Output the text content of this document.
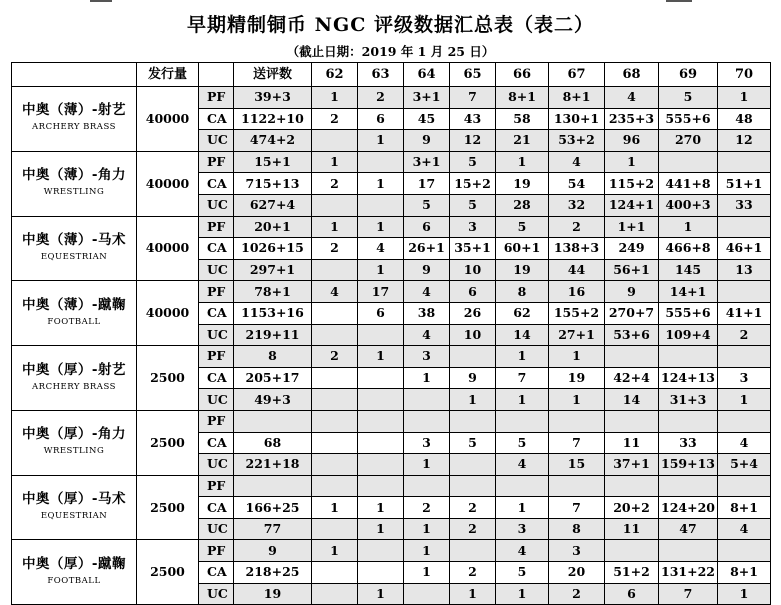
早期精制铜币 NGC 评级数据汇总表（表二）
（截止日期：2019 年 1 月 25 日）
	发行量		送评数	62	63	64	65	66	67	68	69	70

中奥（薄）-射艺
ARCHERY BRASS	40000	PF	39+3	1	2	3+1	7	8+1	8+1	4	5	1
		CA	1122+10	2	6	45	43	58	130+1	235+3	555+6	48
		UC	474+2		1	9	12	21	53+2	96	270	12

中奥（薄）-角力
WRESTLING	40000	PF	15+1	1		3+1	5	1	4	1		
		CA	715+13	2	1	17	15+2	19	54	115+2	441+8	51+1
		UC	627+4			5	5	28	32	124+1	400+3	33

中奥（薄）-马术
EQUESTRIAN	40000	PF	20+1	1	1	6	3	5	2	1+1	1	
		CA	1026+15	2	4	26+1	35+1	60+1	138+3	249	466+8	46+1
		UC	297+1		1	9	10	19	44	56+1	145	13

中奥（薄）-蹴鞠
FOOTBALL	40000	PF	78+1	4	17	4	6	8	16	9	14+1	
		CA	1153+16		6	38	26	62	155+2	270+7	555+6	41+1
		UC	219+11			4	10	14	27+1	53+6	109+4	2

中奥（厚）-射艺
ARCHERY BRASS	2500	PF	8	2	1	3		1	1			
		CA	205+17			1	9	7	19	42+4	124+13	3
		UC	49+3				1	1	1	14	31+3	1

中奥（厚）-角力
WRESTLING	2500	PF										
		CA	68			3	5	5	7	11	33	4
		UC	221+18			1		4	15	37+1	159+13	5+4

中奥（厚）-马术
EQUESTRIAN	2500	PF										
		CA	166+25	1	1	2	2	1	7	20+2	124+20	8+1
		UC	77		1	1	2	3	8	11	47	4

中奥（厚）-蹴鞠
FOOTBALL	2500	PF	9	1		1		4	3			
		CA	218+25			1	2	5	20	51+2	131+22	8+1
		UC	19		1		1	1	2	6	7	1
